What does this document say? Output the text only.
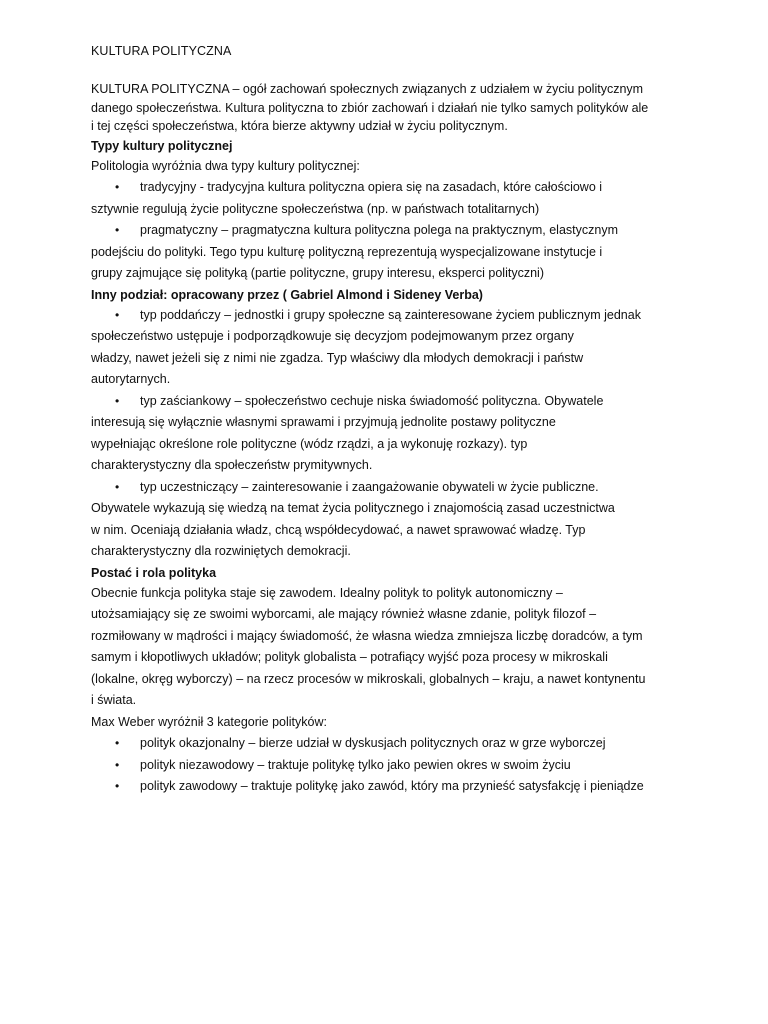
KULTURA POLITYCZNA

KULTURA POLITYCZNA – ogół zachowań społecznych związanych z udziałem w życiu politycznym
danego społeczeństwa. Kultura polityczna to zbiór zachowań i działań nie tylko samych polityków ale
i tej części społeczeństwa, która bierze aktywny udział w życiu politycznym.

Typy kultury politycznej

Politologia wyróżnia dwa typy kultury politycznej:

•	tradycyjny - tradycyjna kultura polityczna opiera się na zasadach, które całościowo i
sztywnie regulują życie polityczne społeczeństwa (np. w państwach totalitarnych)
•	pragmatyczny – pragmatyczna kultura polityczna polega na praktycznym, elastycznym
podejściu do polityki. Tego typu kulturę polityczną reprezentują wyspecjalizowane instytucje i
grupy zajmujące się polityką (partie polityczne, grupy interesu, eksperci polityczni)

Inny podział: opracowany przez ( Gabriel Almond i Sideney Verba)

•	typ poddańczy – jednostki i grupy społeczne są zainteresowane życiem publicznym jednak
społeczeństwo ustępuje i podporządkowuje się decyzjom podejmowanym przez organy
władzy, nawet jeżeli się z nimi nie zgadza. Typ właściwy dla młodych demokracji i państw
autorytarnych.
•	typ zaściankowy – społeczeństwo cechuje niska świadomość polityczna. Obywatele
interesują się wyłącznie własnymi sprawami i przyjmują jednolite postawy polityczne
wypełniając określone role polityczne (wódz rządzi, a ja wykonuję rozkazy). typ
charakterystyczny dla społeczeństw prymitywnych.
•	typ uczestniczący – zainteresowanie i zaangażowanie obywateli w życie publiczne.
Obywatele wykazują się wiedzą na temat życia politycznego i znajomością zasad uczestnictwa
w nim. Oceniają działania władz, chcą współdecydować, a nawet sprawować władzę. Typ
charakterystyczny dla rozwiniętych demokracji.

Postać i rola polityka

Obecnie funkcja polityka staje się zawodem. Idealny polityk to polityk autonomiczny –
utożsamiający się ze swoimi wyborcami, ale mający również własne zdanie, polityk filozof –
rozmiłowany w mądrości i mający świadomość, że własna wiedza zmniejsza liczbę doradców, a tym
samym i kłopotliwych układów; polityk globalista – potrafiący wyjść poza procesy w mikroskali
(lokalne, okręg wyborczy) – na rzecz procesów w mikroskali, globalnych – kraju, a nawet kontynentu
i świata.

Max Weber wyróżnił 3 kategorie polityków:

•	polityk okazjonalny – bierze udział w dyskusjach politycznych oraz w grze wyborczej
•	polityk niezawodowy – traktuje politykę tylko jako pewien okres w swoim życiu
•	polityk zawodowy – traktuje politykę jako zawód, który ma przynieść satysfakcję i pieniądze
